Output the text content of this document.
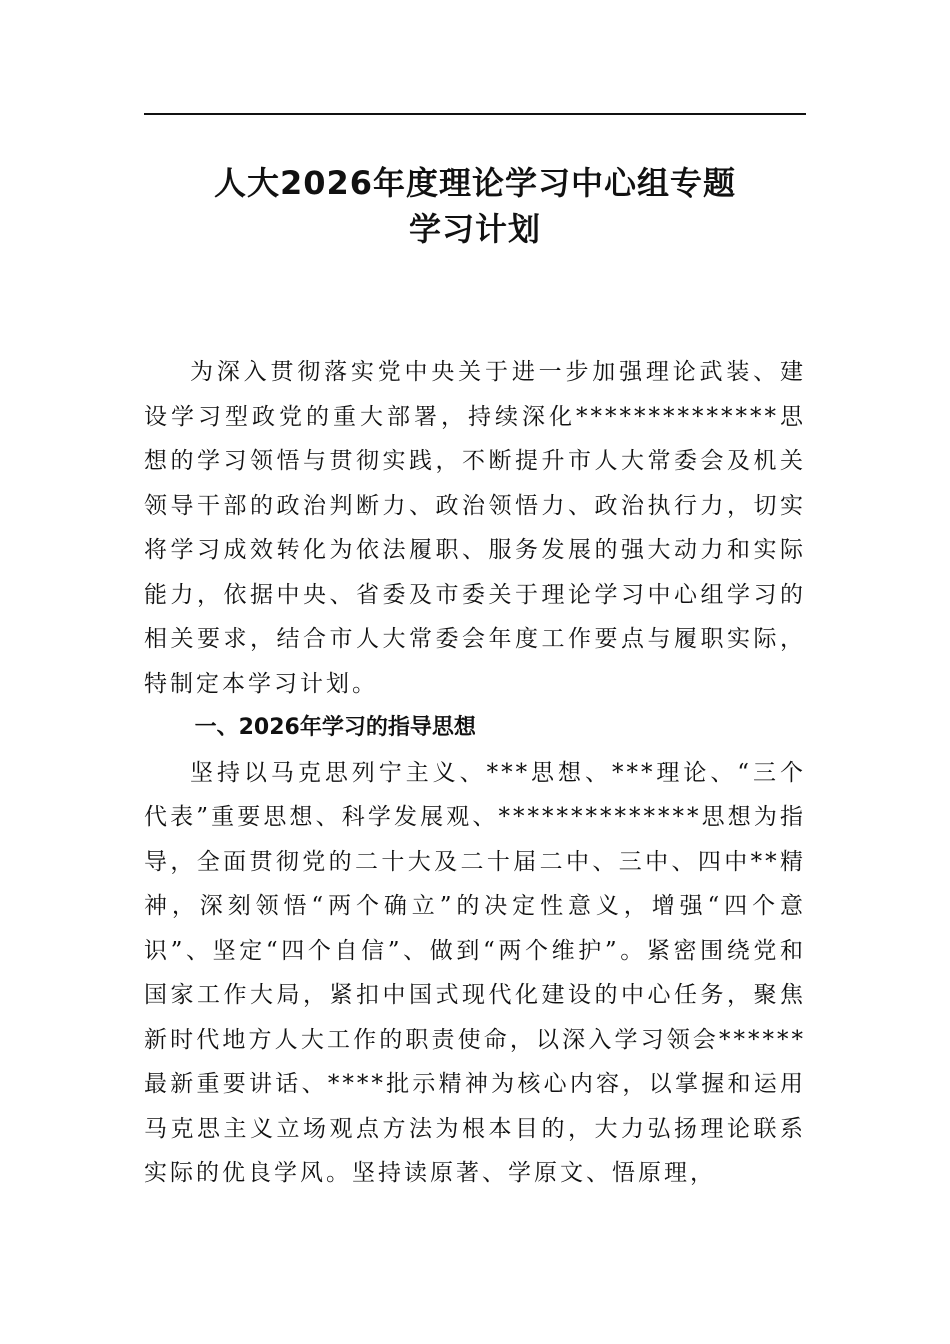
人大2026年度理论学习中心组专题
学习计划

为深入贯彻落实党中央关于进一步加强理论武装、建设学习型政党的重大部署，持续深化**************思想的学习领悟与贯彻实践，不断提升市人大常委会及机关领导干部的政治判断力、政治领悟力、政治执行力，切实将学习成效转化为依法履职、服务发展的强大动力和实际能力，依据中央、省委及市委关于理论学习中心组学习的相关要求，结合市人大常委会年度工作要点与履职实际，特制定本学习计划。

一、2026年学习的指导思想

坚持以马克思列宁主义、***思想、***理论、“三个代表”重要思想、科学发展观、**************思想为指导，全面贯彻党的二十大及二十届二中、三中、四中**精神，深刻领悟“两个确立”的决定性意义，增强“四个意识”、坚定“四个自信”、做到“两个维护”。紧密围绕党和国家工作大局，紧扣中国式现代化建设的中心任务，聚焦新时代地方人大工作的职责使命，以深入学习领会******最新重要讲话、****批示精神为核心内容，以掌握和运用马克思主义立场观点方法为根本目的，大力弘扬理论联系实际的优良学风。坚持读原著、学原文、悟原理，
